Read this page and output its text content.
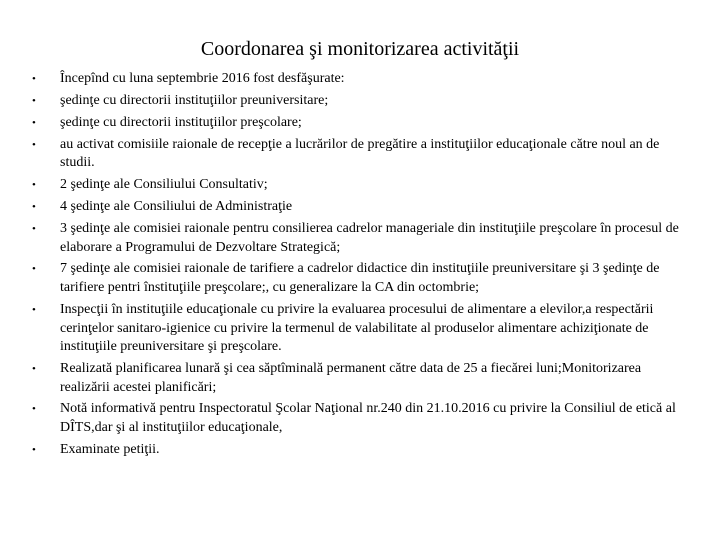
Coordonarea şi monitorizarea activităţii
• Începînd cu luna septembrie 2016 fost desfăşurate:
• şedinţe cu directorii instituţiilor preuniversitare;
• şedinţe cu directorii instituţiilor preşcolare;
• au activat comisiile raionale de recepţie a lucrărilor de pregătire a instituţiilor educaţionale către noul an de studii.
• 2 şedinţe ale Consiliului Consultativ;
• 4 şedinţe ale Consiliului de Administraţie
• 3 şedinţe ale comisiei raionale pentru consilierea cadrelor manageriale din instituţiile preşcolare în procesul de elaborare a Programului de Dezvoltare Strategică;
• 7 şedinţe ale comisiei raionale de tarifiere a cadrelor didactice din instituţiile preuniversitare şi 3 şedinţe de tarifiere pentri înstituţiile preşcolare;, cu generalizare la CA din octombrie;
• Inspecţii în instituţiile educaţionale cu privire la evaluarea procesului de alimentare a elevilor,a respectării cerinţelor sanitaro-igienice cu privire la termenul de valabilitate al produselor alimentare achiziţionate de instituţiile preuniversitare şi preşcolare.
• Realizată planificarea lunară şi cea săptîminală permanent către data de 25 a fiecărei luni;Monitorizarea realizării acestei planificări;
• Notă informativă pentru Inspectoratul Şcolar Naţional nr.240 din 21.10.2016 cu privire la Consiliul de etică al DÎTS,dar şi al instituţiilor educaţionale,
• Examinate petiţii.
